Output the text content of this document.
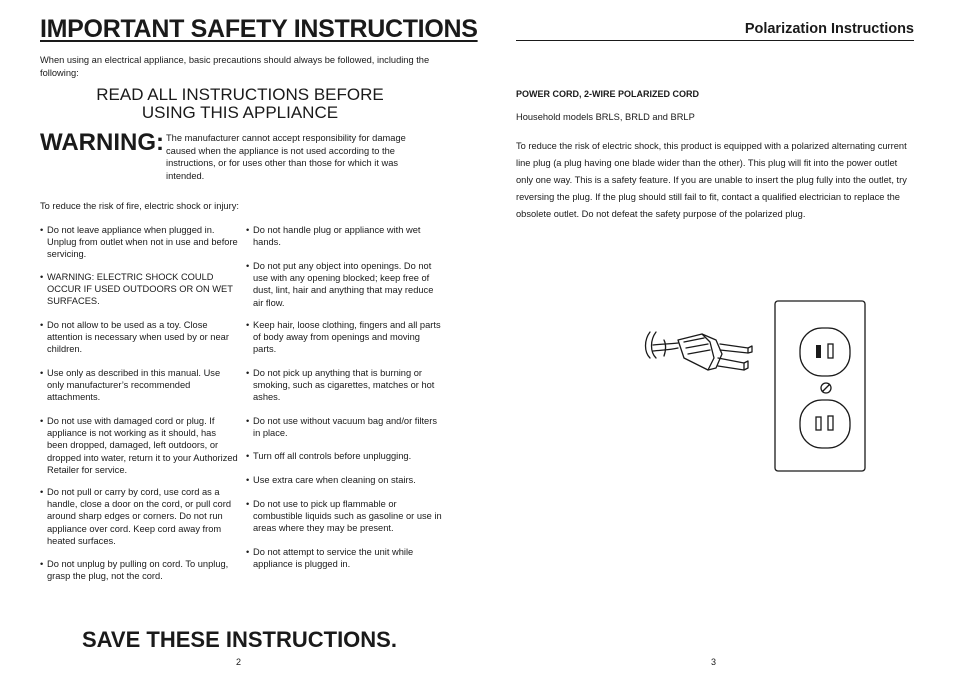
IMPORTANT SAFETY INSTRUCTIONS

When using an electrical appliance, basic precautions should always be followed, including the following:

READ ALL INSTRUCTIONS BEFORE USING THIS APPLIANCE

WARNING: The manufacturer cannot accept responsibility for damage caused when the appliance is not used according to the instructions, or for uses other than those for which it was intended.

To reduce the risk of fire, electric shock or injury:

• Do not leave appliance when plugged in. Unplug from outlet when not in use and before servicing.
• WARNING: ELECTRIC SHOCK COULD OCCUR IF USED OUTDOORS OR ON WET SURFACES.
• Do not allow to be used as a toy. Close attention is necessary when used by or near children.
• Use only as described in this manual. Use only manufacturer’s recommended attachments.
• Do not use with damaged cord or plug. If appliance is not working as it should, has been dropped, damaged, left outdoors, or dropped into water, return it to your Authorized Retailer for service.
• Do not pull or carry by cord, use cord as a handle, close a door on the cord, or pull cord around sharp edges or corners. Do not run appliance over cord. Keep cord away from heated surfaces.
• Do not unplug by pulling on cord. To unplug, grasp the plug, not the cord.
• Do not handle plug or appliance with wet hands.
• Do not put any object into openings. Do not use with any opening blocked; keep free of dust, lint, hair and anything that may reduce air flow.
• Keep hair, loose clothing, fingers and all parts of body away from openings and moving parts.
• Do not pick up anything that is burning or smoking, such as cigarettes, matches or hot ashes.
• Do not use without vacuum bag and/or filters in place.
• Turn off all controls before unplugging.
• Use extra care when cleaning on stairs.
• Do not use to pick up flammable or combustible liquids such as gasoline or use in areas where they may be present.
• Do not attempt to service the unit while appliance is plugged in.
SAVE THESE INSTRUCTIONS.
2
Polarization Instructions
POWER CORD, 2-WIRE POLARIZED CORD
Household models BRLS, BRLD and BRLP

To reduce the risk of electric shock, this product is equipped with a polarized alternating current line plug (a plug having one blade wider than the other). This plug will fit into the power outlet only one way. This is a safety feature. If you are unable to insert the plug fully into the outlet, try reversing the plug. If the plug should still fail to fit, contact a qualified electrician to replace the obsolete outlet. Do not defeat the safety purpose of the polarized plug.

3
